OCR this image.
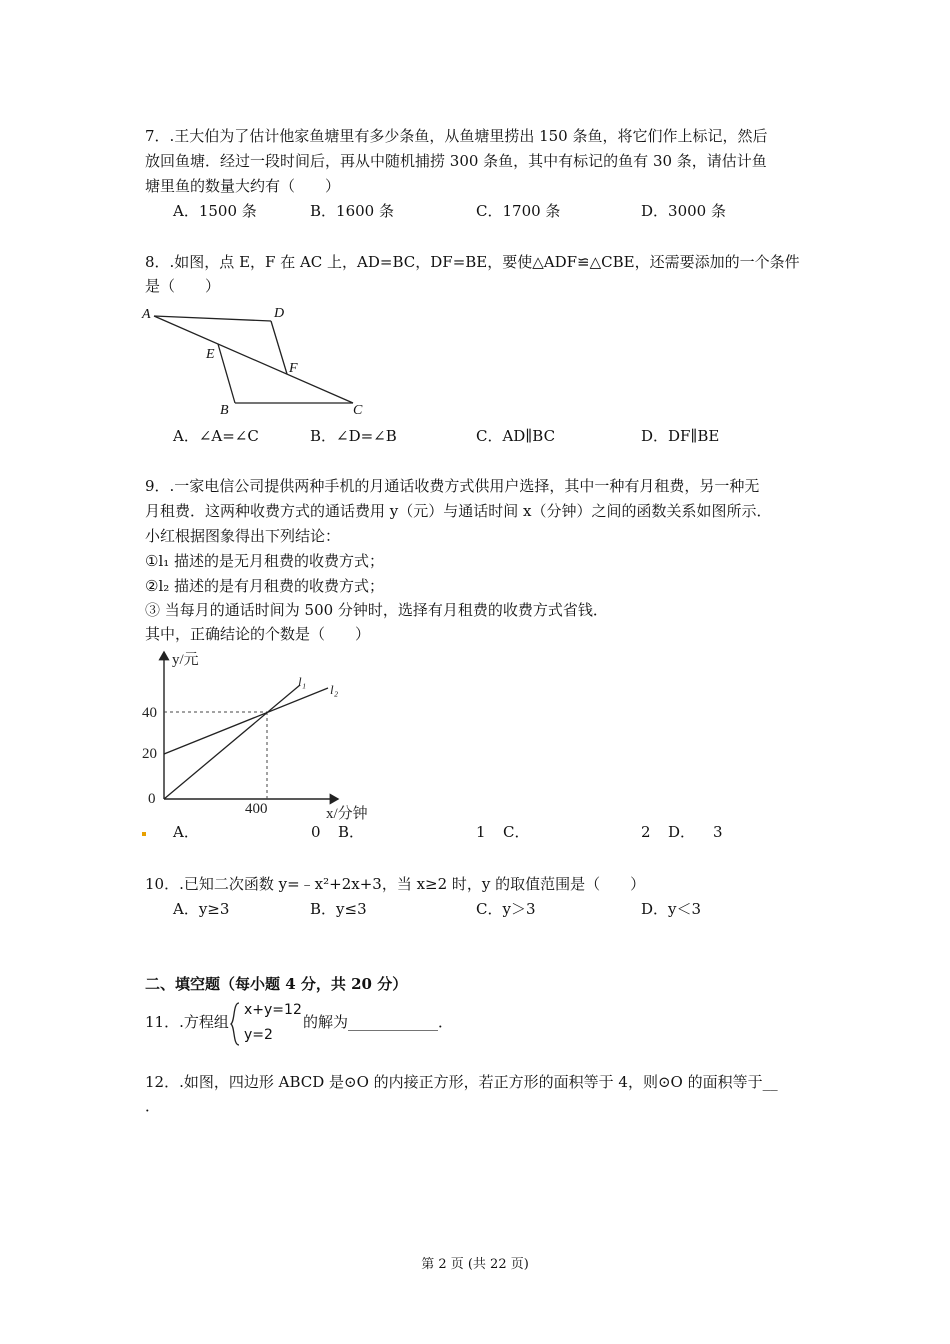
7．.王大伯为了估计他家鱼塘里有多少条鱼，从鱼塘里捞出 150 条鱼，将它们作上标记，然后
放回鱼塘．经过一段时间后，再从中随机捕捞 300 条鱼，其中有标记的鱼有 30 条，请估计鱼
塘里鱼的数量大约有（　　）
A．1500 条	B．1600 条	C．1700 条	D．3000 条
8．.如图，点 E，F 在 AC 上，AD=BC，DF=BE，要使△ADF≌△CBE，还需要添加的一个条件
是（　　）
A	D
E
F
B	C
A．∠A=∠C	B．∠D=∠B	C．AD∥BC	D．DF∥BE
9．.一家电信公司提供两种手机的月通话收费方式供用户选择，其中一种有月租费，另一种无
月租费．这两种收费方式的通话费用 y（元）与通话时间 x（分钟）之间的函数关系如图所示．
小红根据图象得出下列结论：
①l₁ 描述的是无月租费的收费方式；
②l₂ 描述的是有月租费的收费方式；
③ 当每月的通话时间为 500 分钟时，选择有月租费的收费方式省钱．
其中，正确结论的个数是（　　）
y/元
x/分钟
l₁
l₂
40
20
0
400
A．	0 B．	1 C．	2 D． 3
10．.已知二次函数 y=﹣x²+2x+3，当 x≥2 时，y 的取值范围是（　　）
A．y≥3	B．y≤3	C．y＞3	D．y＜3
二、填空题（每小题 4 分，共 20 分）
11．.方程组
x+y=12
y=2
的解为____________．
12．.如图，四边形 ABCD 是⊙O 的内接正方形，若正方形的面积等于 4，则⊙O 的面积等于__
．
第 2 页 (共 22 页)
